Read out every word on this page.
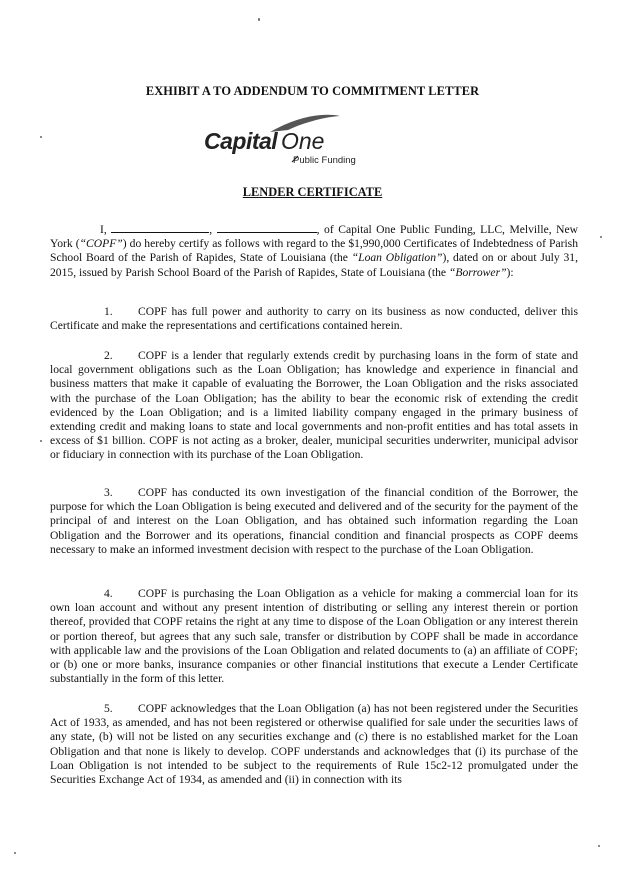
EXHIBIT A TO ADDENDUM TO COMMITMENT LETTER
Capital One
Public Funding
LENDER CERTIFICATE

I,	,	, of Capital One Public Funding, LLC, Melville, New York (“COPF”) do hereby certify as follows with regard to the $1,990,000 Certificates of Indebtedness of Parish School Board of the Parish of Rapides, State of Louisiana (the “Loan Obligation”), dated on or about July 31, 2015, issued by Parish School Board of the Parish of Rapides, State of Louisiana (the “Borrower”):

1. COPF has full power and authority to carry on its business as now conducted, deliver this Certificate and make the representations and certifications contained herein.

2. COPF is a lender that regularly extends credit by purchasing loans in the form of state and local government obligations such as the Loan Obligation; has knowledge and experience in financial and business matters that make it capable of evaluating the Borrower, the Loan Obligation and the risks associated with the purchase of the Loan Obligation; has the ability to bear the economic risk of extending the credit evidenced by the Loan Obligation; and is a limited liability company engaged in the primary business of extending credit and making loans to state and local governments and non-profit entities and has total assets in excess of $1 billion. COPF is not acting as a broker, dealer, municipal securities underwriter, municipal advisor or fiduciary in connection with its purchase of the Loan Obligation.

3. COPF has conducted its own investigation of the financial condition of the Borrower, the purpose for which the Loan Obligation is being executed and delivered and of the security for the payment of the principal of and interest on the Loan Obligation, and has obtained such information regarding the Loan Obligation and the Borrower and its operations, financial condition and financial prospects as COPF deems necessary to make an informed investment decision with respect to the purchase of the Loan Obligation.

4. COPF is purchasing the Loan Obligation as a vehicle for making a commercial loan for its own loan account and without any present intention of distributing or selling any interest therein or portion thereof, provided that COPF retains the right at any time to dispose of the Loan Obligation or any interest therein or portion thereof, but agrees that any such sale, transfer or distribution by COPF shall be made in accordance with applicable law and the provisions of the Loan Obligation and related documents to (a) an affiliate of COPF; or (b) one or more banks, insurance companies or other financial institutions that execute a Lender Certificate substantially in the form of this letter.

5. COPF acknowledges that the Loan Obligation (a) has not been registered under the Securities Act of 1933, as amended, and has not been registered or otherwise qualified for sale under the securities laws of any state, (b) will not be listed on any securities exchange and (c) there is no established market for the Loan Obligation and that none is likely to develop. COPF understands and acknowledges that (i) its purchase of the Loan Obligation is not intended to be subject to the requirements of Rule 15c2-12 promulgated under the Securities Exchange Act of 1934, as amended and (ii) in connection with its
